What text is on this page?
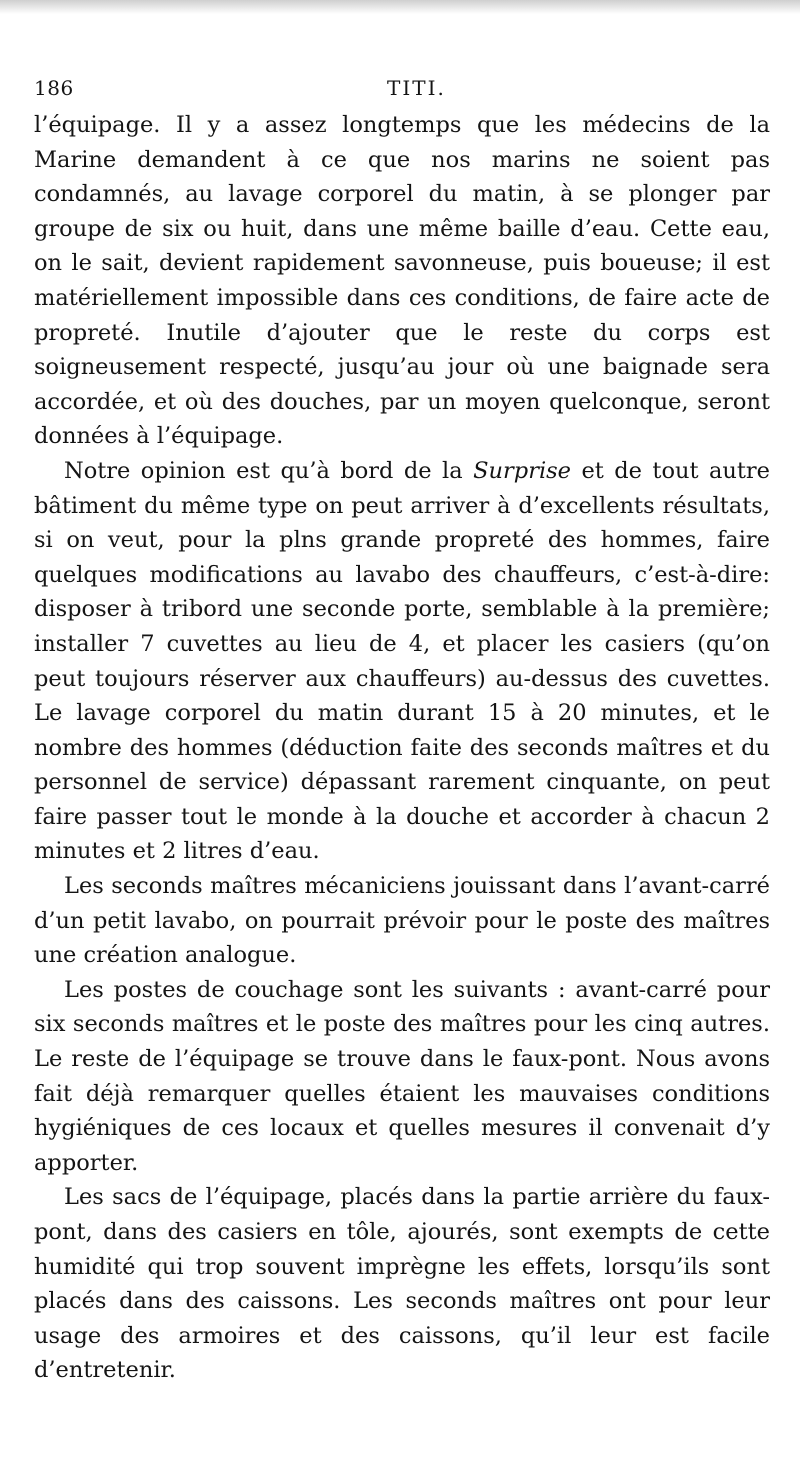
186	TITI.

l’équipage. Il y a assez longtemps que les médecins de la Marine demandent à ce que nos marins ne soient pas condamnés, au lavage corporel du matin, à se plonger par groupe de six ou huit, dans une même baille d’eau. Cette eau, on le sait, devient rapidement savonneuse, puis boueuse; il est matériellement impossible dans ces conditions, de faire acte de propreté. Inutile d’ajouter que le reste du corps est soigneusement respecté, jusqu’au jour où une baignade sera accordée, et où des douches, par un moyen quelconque, seront données à l’équipage.

Notre opinion est qu’à bord de la Surprise et de tout autre bâtiment du même type on peut arriver à d’excellents résultats, si on veut, pour la plns grande propreté des hommes, faire quelques modifications au lavabo des chauffeurs, c’est-à-dire: disposer à tribord une seconde porte, semblable à la première; installer 7 cuvettes au lieu de 4, et placer les casiers (qu’on peut toujours réserver aux chauffeurs) au-dessus des cuvettes. Le lavage corporel du matin durant 15 à 20 minutes, et le nombre des hommes (déduction faite des seconds maîtres et du personnel de service) dépassant rarement cinquante, on peut faire passer tout le monde à la douche et accorder à chacun 2 minutes et 2 litres d’eau.

Les seconds maîtres mécaniciens jouissant dans l’avant-carré d’un petit lavabo, on pourrait prévoir pour le poste des maîtres une création analogue.

Les postes de couchage sont les suivants : avant-carré pour six seconds maîtres et le poste des maîtres pour les cinq autres. Le reste de l’équipage se trouve dans le faux-pont. Nous avons fait déjà remarquer quelles étaient les mauvaises conditions hygiéniques de ces locaux et quelles mesures il convenait d’y apporter.

Les sacs de l’équipage, placés dans la partie arrière du faux-pont, dans des casiers en tôle, ajourés, sont exempts de cette humidité qui trop souvent imprègne les effets, lorsqu’ils sont placés dans des caissons. Les seconds maîtres ont pour leur usage des armoires et des caissons, qu’il leur est facile d’entretenir.
